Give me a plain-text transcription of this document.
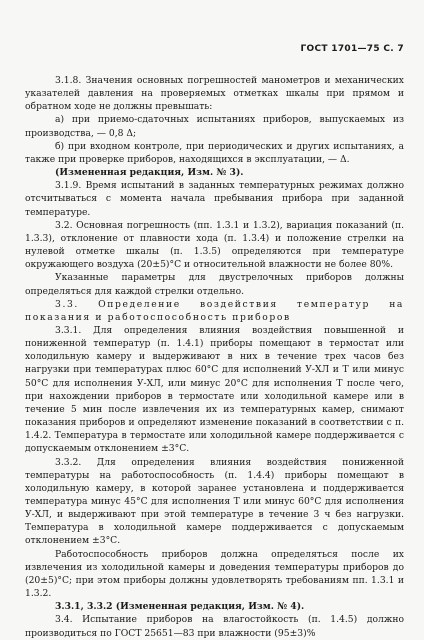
ГОСТ 1701—75 С. 7

3.1.8. Значения основных погрешностей манометров и механических указателей давления на проверяемых отметках шкалы при прямом и обратном ходе не должны превышать:

а) при приемо-сдаточных испытаниях приборов, выпускаемых из производства, — 0,8 Δ;

б) при входном контроле, при периодических и других испытаниях, а также при проверке приборов, находящихся в эксплуатации, — Δ.

(Измененная редакция, Изм. № 3).

3.1.9. Время испытаний в заданных температурных режимах должно отсчитываться с момента начала пребывания прибора при заданной температуре.

3.2. Основная погрешность (пп. 1.3.1 и 1.3.2), вариация показаний (п. 1.3.3), отклонение от плавности хода (п. 1.3.4) и положение стрелки на нулевой отметке шкалы (п. 1.3.5) определяются при температуре окружающего воздуха (20±5)°С и относительной влажности не более 80%.

Указанные параметры для двустрелочных приборов должны определяться для каждой стрелки отдельно.

3.3. Определение воздействия температур на показания и работоспособность приборов

3.3.1. Для определения влияния воздействия повышенной и пониженной температур (п. 1.4.1) приборы помещают в термостат или холодильную камеру и выдерживают в них в течение трех часов без нагрузки при температурах плюс 60°С для исполнений У-ХЛ и Т или минус 50°С для исполнения У-ХЛ, или минус 20°С для исполнения Т после чего, при нахождении приборов в термостате или холодильной камере или в течение 5 мин после извлечения их из температурных камер, снимают показания приборов и определяют изменение показаний в соответствии с п. 1.4.2. Температура в термостате или холодильной камере поддерживается с допускаемым отклонением ±3°С.

3.3.2. Для определения влияния воздействия пониженной температуры на работоспособность (п. 1.4.4) приборы помещают в холодильную камеру, в которой заранее установлена и поддерживается температура минус 45°С для исполнения Т или минус 60°С для исполнения У-ХЛ, и выдерживают при этой температуре в течение 3 ч без нагрузки. Температура в холодильной камере поддерживается с допускаемым отклонением ±3°С.

Работоспособность приборов должна определяться после их извлечения из холодильной камеры и доведения температуры приборов до (20±5)°С; при этом приборы должны удовлетворять требованиям пп. 1.3.1 и 1.3.2.

3.3.1, 3.3.2 (Измененная редакция, Изм. № 4).

3.4. Испытание приборов на влагостойкость (п. 1.4.5) должно производиться по ГОСТ 25651—83 при влажности (95±3)%
